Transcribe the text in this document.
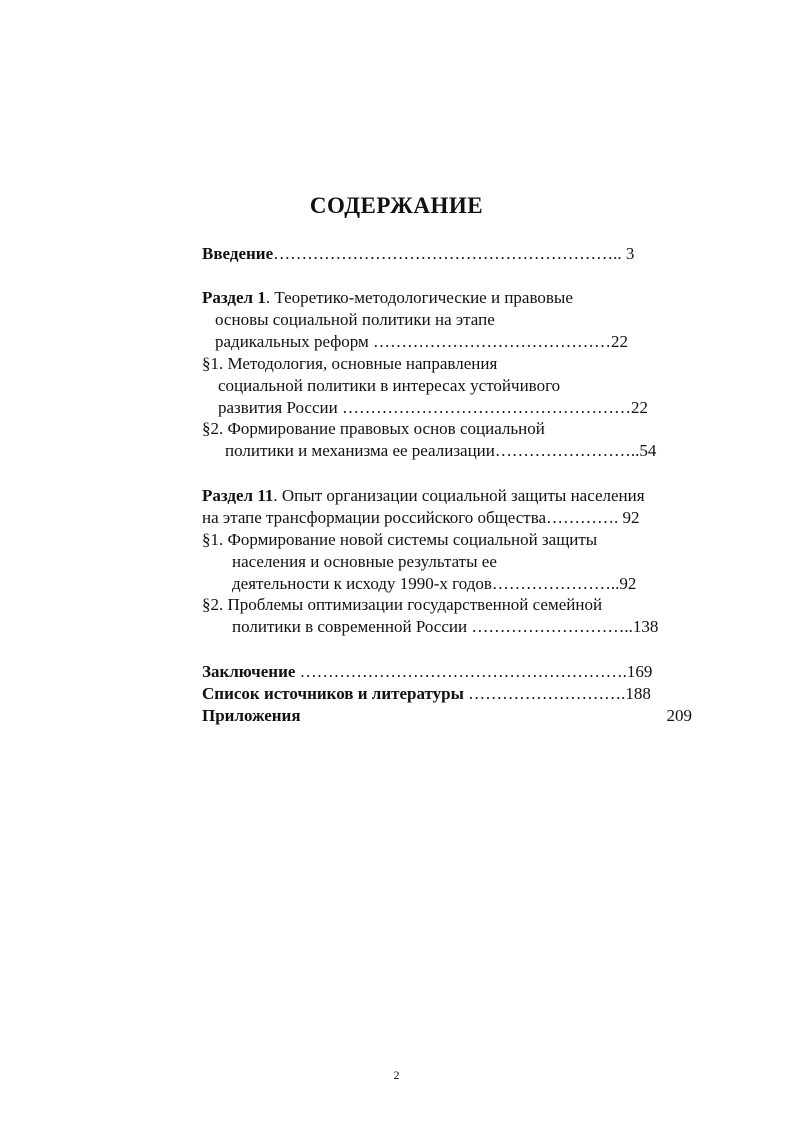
СОДЕРЖАНИЕ
Введение…………………………………………………….. 3
Раздел 1. Теоретико-методологические и правовые
основы социальной политики на этапе
радикальных реформ ……………………………………22
§1. Методология, основные направления
социальной политики в интересах устойчивого
развития России ……………………………………………22
§2. Формирование правовых основ социальной
политики и механизма ее реализации……………………..54
Раздел 11. Опыт организации социальной защиты населения
на этапе трансформации российского общества…………. 92
§1. Формирование новой системы социальной защиты
населения и основные результаты ее
деятельности к исходу 1990-х годов…………………..92
§2. Проблемы оптимизации государственной семейной
политики в современной России ………………………..138
Заключение ………………………………………………….169
Список источников и литературы ……………………….188
Приложения	209
2
